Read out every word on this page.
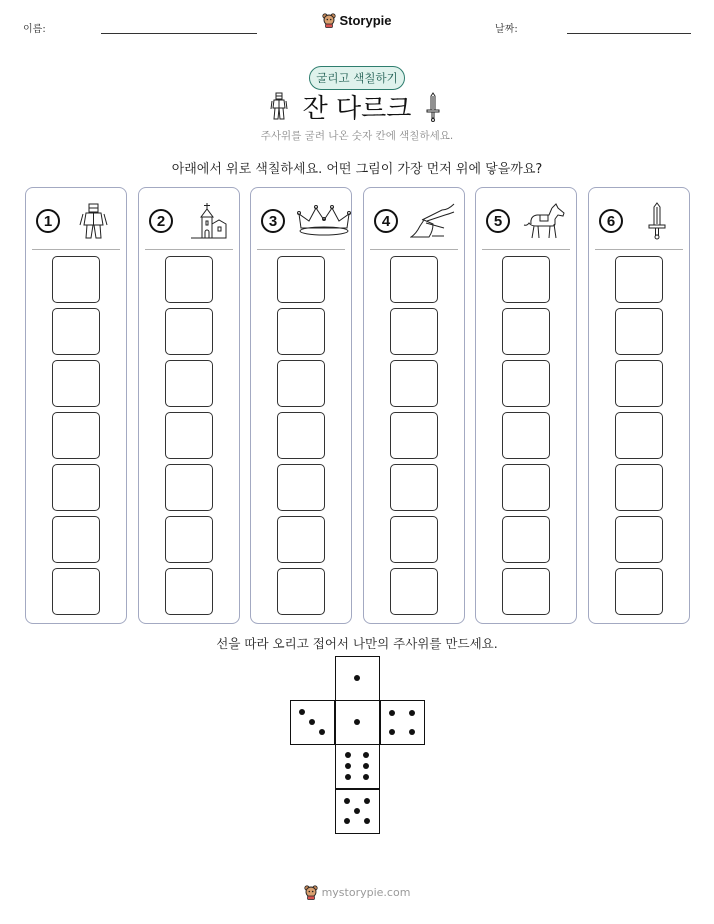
이름:	날짜:
Storypie
굴리고 색칠하기
잔 다르크
주사위를 굴려 나온 숫자 칸에 색칠하세요.
아래에서 위로 색칠하세요. 어떤 그림이 가장 먼저 위에 닿을까요?
1	2	3	4	5	6
선을 따라 오리고 접어서 나만의 주사위를 만드세요.
mystorypie.com
